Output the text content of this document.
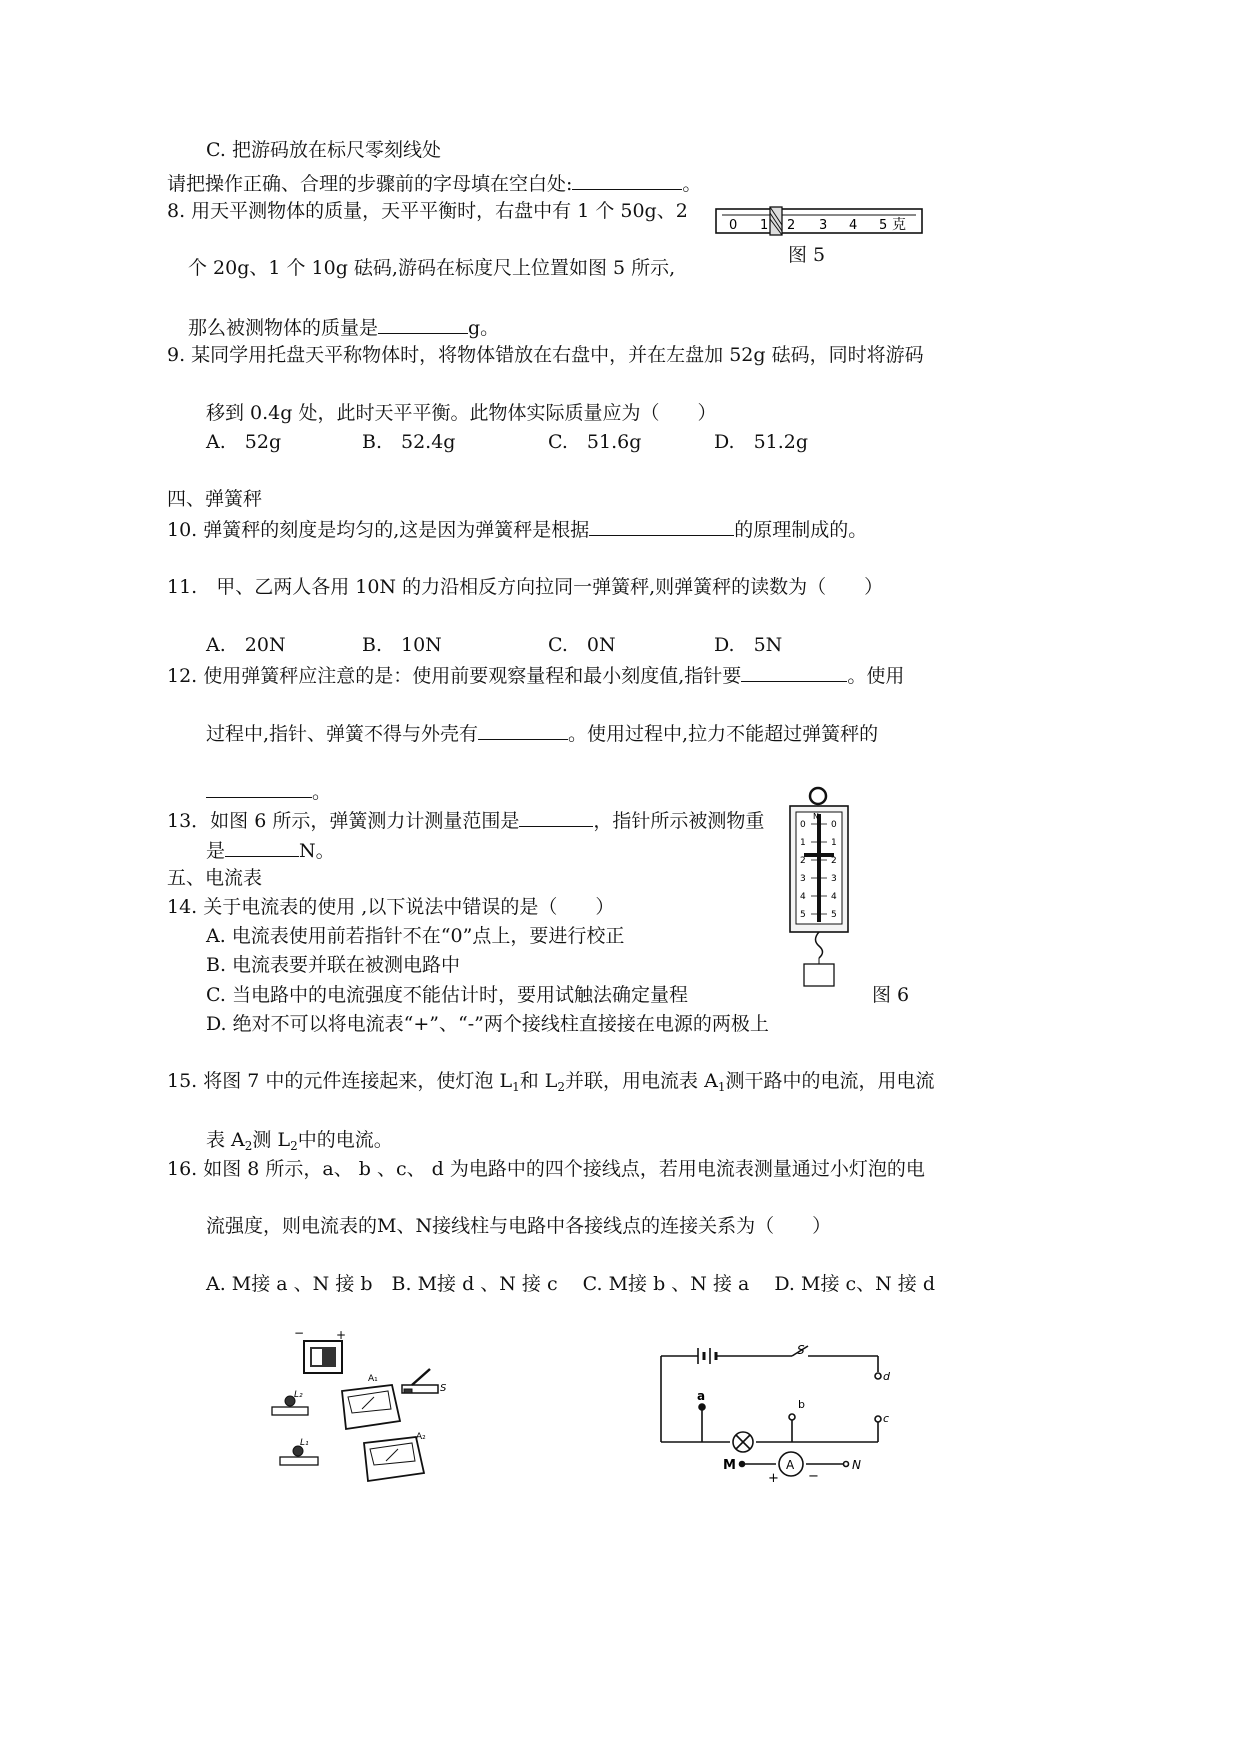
C. 把游码放在标尺零刻线处
请把操作正确、合理的步骤前的字母填在空白处:	。
8. 用天平测物体的质量，天平平衡时，右盘中有 1 个 50g、2
个 20g、1 个 10g 砝码,游码在标度尺上位置如图 5 所示,
那么被测物体的质量是	g。
9. 某同学用托盘天平称物体时，将物体错放在右盘中，并在左盘加 52g 砝码，同时将游码
移到 0.4g 处，此时天平平衡。此物体实际质量应为（　　）
A.　52g	B.　52.4g	C.　51.6g	D.　51.2g
四、弹簧秤
10. 弹簧秤的刻度是均匀的,这是因为弹簧秤是根据	的原理制成的。
11.　甲、乙两人各用 10N 的力沿相反方向拉同一弹簧秤,则弹簧秤的读数为（　　）
A.　20N	B.　10N	C.　0N	D.　5N
12. 使用弹簧秤应注意的是：使用前要观察量程和最小刻度值,指针要	。使用
过程中,指针、弹簧不得与外壳有	。使用过程中,拉力不能超过弹簧秤的
。
13．如图 6 所示，弹簧测力计测量范围是	，指针所示被测物重
是	N。
五、电流表
14. 关于电流表的使用 ,以下说法中错误的是（　　）
A. 电流表使用前若指针不在“0”点上，要进行校正
B. 电流表要并联在被测电路中
C. 当电路中的电流强度不能估计时，要用试触法确定量程
D. 绝对不可以将电流表“+”、“-”两个接线柱直接接在电源的两极上
15. 将图 7 中的元件连接起来，使灯泡 $L_1$和 $L_2$并联，用电流表 $A_1$测干路中的电流，用电流
表 $A_2$测 $L_2$中的电流。
16. 如图 8 所示，a、 b 、c、 d 为电路中的四个接线点，若用电流表测量通过小灯泡的电
流强度，则电流表的M、N接线柱与电路中各接线点的连接关系为（　　）
A. M接 a 、N 接 b　B. M接 d 、N 接 c　 C. M接 b 、N 接 a　 D. M接 c、N 接 d
0 1 2 3 4 5 克
图 5
N
0
1
2
3
4
5
0
1
2
3
4
5
图 6
−	+
A₁
S
L₂
L₁
A₂
S
a
b
c
d
M	A	N
+ −
